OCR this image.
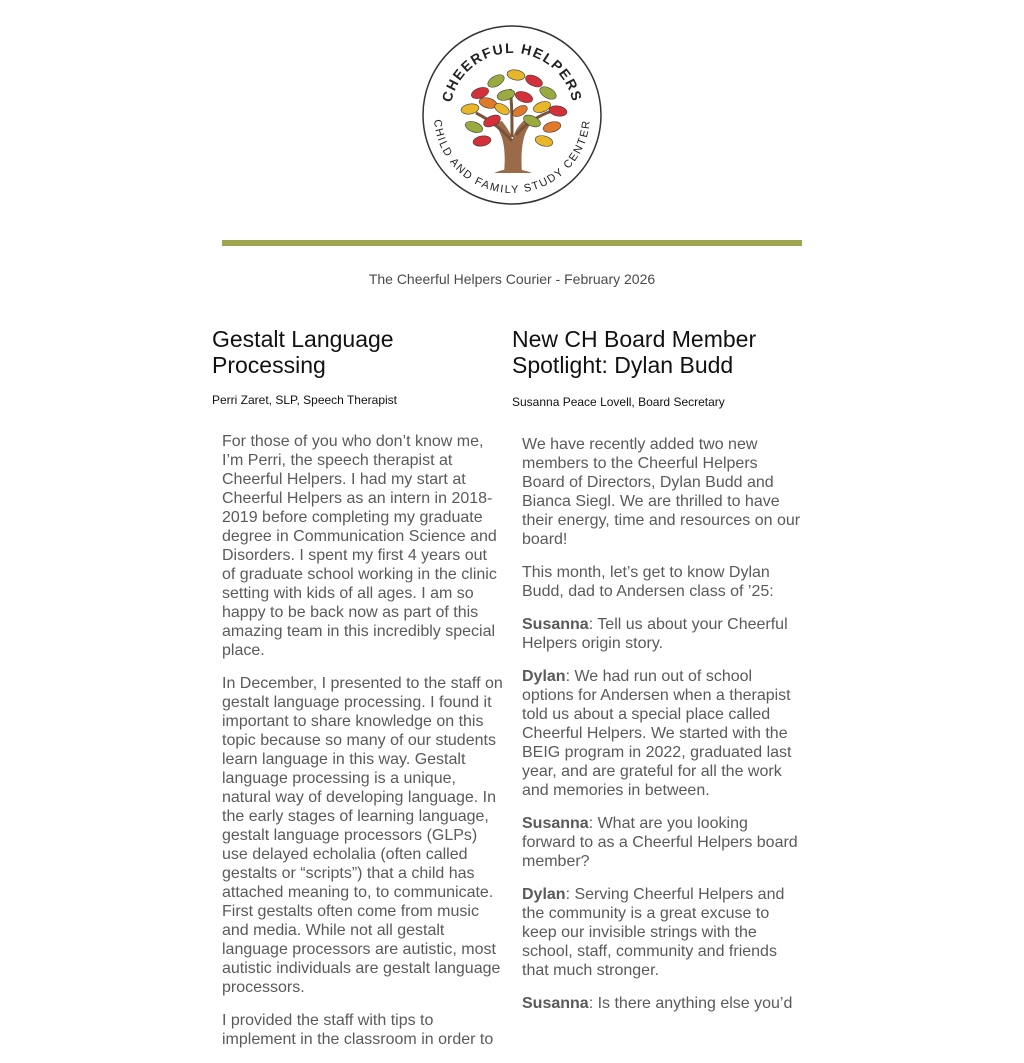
CHEERFUL HELPERS
CHILD AND FAMILY STUDY CENTER
The Cheerful Helpers Courier - February 2026
Gestalt Language Processing

Perri Zaret, SLP, Speech Therapist

For those of you who don’t know me, I’m Perri, the speech therapist at Cheerful Helpers. I had my start at Cheerful Helpers as an intern in 2018-2019 before completing my graduate degree in Communication Science and Disorders. I spent my first 4 years out of graduate school working in the clinic setting with kids of all ages. I am so happy to be back now as part of this amazing team in this incredibly special place.

In December, I presented to the staff on gestalt language processing. I found it important to share knowledge on this topic because so many of our students learn language in this way. Gestalt language processing is a unique, natural way of developing language. In the early stages of learning language, gestalt language processors (GLPs) use delayed echolalia (often called gestalts or “scripts”) that a child has attached meaning to, to communicate. First gestalts often come from music and media. While not all gestalt language processors are autistic, most autistic individuals are gestalt language processors.

I provided the staff with tips to implement in the classroom in order to

New CH Board Member Spotlight: Dylan Budd

Susanna Peace Lovell, Board Secretary

We have recently added two new members to the Cheerful Helpers Board of Directors, Dylan Budd and Bianca Siegl. We are thrilled to have their energy, time and resources on our board!

This month, let’s get to know Dylan Budd, dad to Andersen class of ’25:

Susanna: Tell us about your Cheerful Helpers origin story.

Dylan: We had run out of school options for Andersen when a therapist told us about a special place called Cheerful Helpers. We started with the BEIG program in 2022, graduated last year, and are grateful for all the work and memories in between.

Susanna: What are you looking forward to as a Cheerful Helpers board member?

Dylan: Serving Cheerful Helpers and the community is a great excuse to keep our invisible strings with the school, staff, community and friends that much stronger.

Susanna: Is there anything else you’d
